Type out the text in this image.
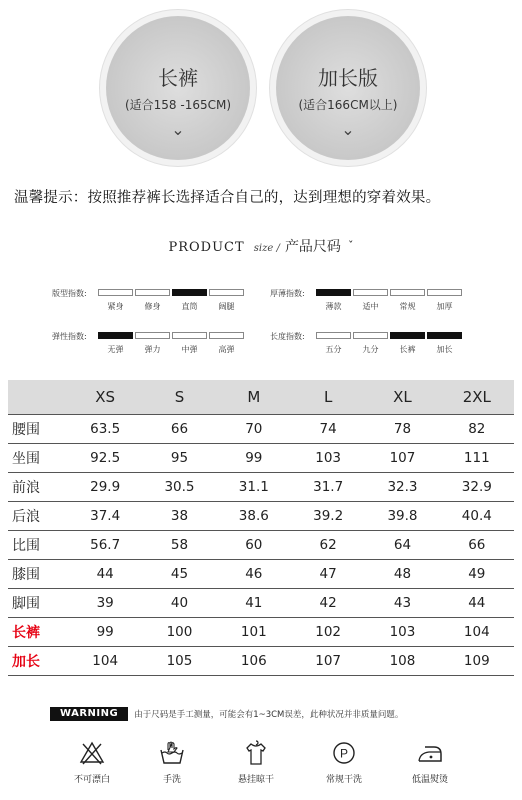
长裤
(适合158 -165CM)
⌄
加长版
(适合166CM以上)
⌄
温馨提示：按照推荐裤长选择适合自己的，达到理想的穿着效果。
PRODUCT size / 产品尺码 ˇ
版型指数:
紧身	修身	直筒	阔腿
厚薄指数:
薄款	适中	常规	加厚
弹性指数:
无弹	弹力	中弹	高弹
长度指数:
五分	九分	长裤	加长
	XS	S	M	L	XL	2XL
腰围	63.5	66	70	74	78	82
坐围	92.5	95	99	103	107	111
前浪	29.9	30.5	31.1	31.7	32.3	32.9
后浪	37.4	38	38.6	39.2	39.8	40.4
比围	56.7	58	60	62	64	66
膝围	44	45	46	47	48	49
脚围	39	40	41	42	43	44
长裤	99	100	101	102	103	104
加长	104	105	106	107	108	109
WARNING	由于尺码是手工测量，可能会有1~3CM误差，此种状况并非质量问题。
不可漂白	手洗	悬挂晾干
P
常规干洗	低温熨烫
